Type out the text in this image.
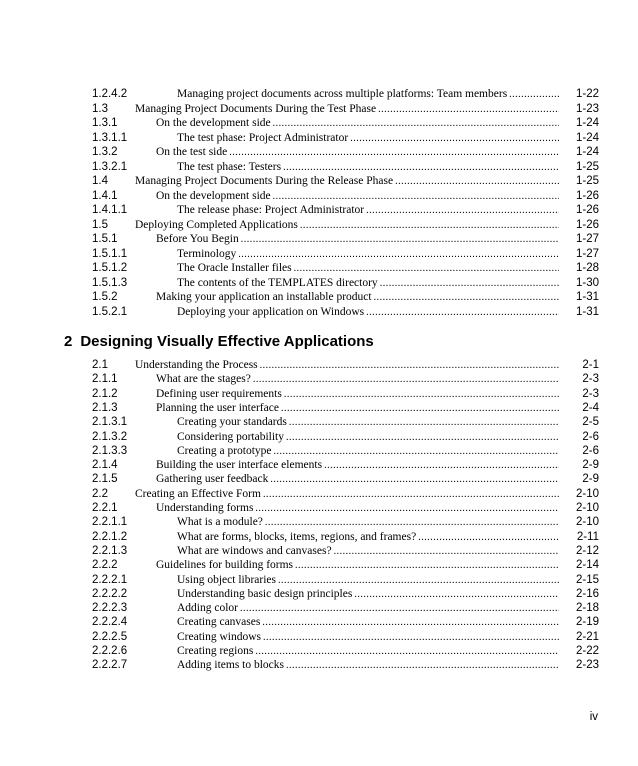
2 Designing Visually Effective Applications
1.2.4.2	Managing project documents across multiple platforms: Team members .....	1-22
1.3 Managing Project Documents During the Test Phase .....	1-23
1.3.1	On the development side .....	1-24
1.3.1.1	The test phase: Project Administrator .....	1-24
1.3.2	On the test side .....	1-24
1.3.2.1	The test phase: Testers .....	1-25
1.4 Managing Project Documents During the Release Phase .....	1-25
1.4.1	On the development side .....	1-26
1.4.1.1	The release phase: Project Administrator .....	1-26
1.5 Deploying Completed Applications .....	1-26
1.5.1	Before You Begin .....	1-27
1.5.1.1	Terminology .....	1-27
1.5.1.2	The Oracle Installer files .....	1-28
1.5.1.3	The contents of the TEMPLATES directory .....	1-30
1.5.2	Making your application an installable product .....	1-31
1.5.2.1	Deploying your application on Windows .....	1-31
2.1 Understanding the Process .....	2-1
2.1.1	What are the stages? .....	2-3
2.1.2	Defining user requirements .....	2-3
2.1.3	Planning the user interface .....	2-4
2.1.3.1	Creating your standards .....	2-5
2.1.3.2	Considering portability .....	2-6
2.1.3.3	Creating a prototype .....	2-6
2.1.4	Building the user interface elements .....	2-9
2.1.5	Gathering user feedback .....	2-9
2.2 Creating an Effective Form .....	2-10
2.2.1	Understanding forms .....	2-10
2.2.1.1	What is a module? .....	2-10
2.2.1.2	What are forms, blocks, items, regions, and frames? .....	2-11
2.2.1.3	What are windows and canvases? .....	2-12
2.2.2	Guidelines for building forms .....	2-14
2.2.2.1	Using object libraries .....	2-15
2.2.2.2	Understanding basic design principles .....	2-16
2.2.2.3	Adding color .....	2-18
2.2.2.4	Creating canvases .....	2-19
2.2.2.5	Creating windows .....	2-21
2.2.2.6	Creating regions .....	2-22
2.2.2.7	Adding items to blocks .....	2-23
iv
